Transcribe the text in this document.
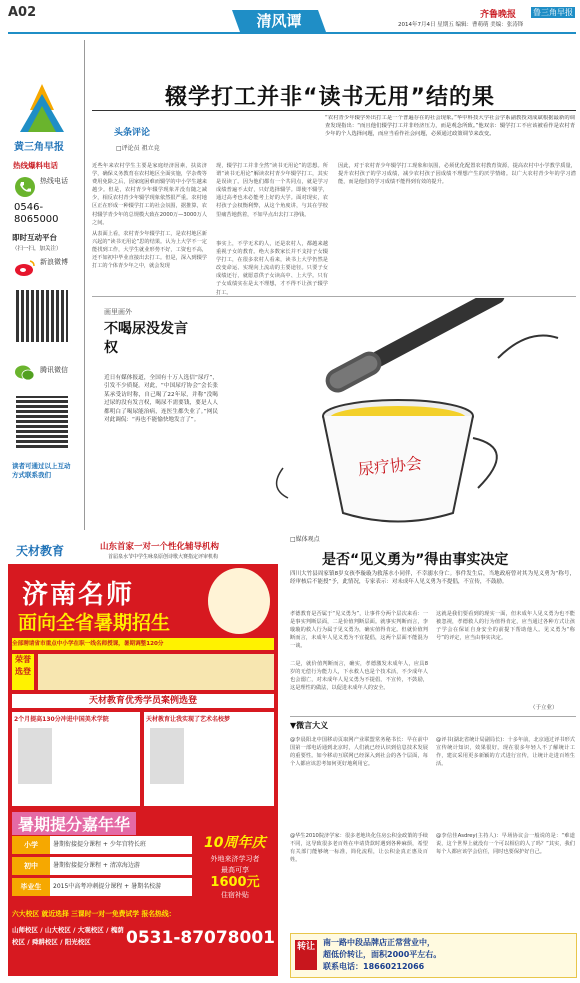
A02	清风谭	齐鲁晚报 鲁三角早报
2014年7月4日 星期五 编辑：曹萌萌 美编：张涛锋
黄三角早报
热线爆料电话
热线电话
0546-8065000
即时互动平台
（扫一扫，加关注）
新浪微博
腾讯微信
读者可通过以上互动方式联系我们
辍学打工并非“读书无用”结的果
头条评论
□评论员 祖立竞
“农村青少年辍学外出打工是一个普遍存在的社会现象。”华中科技大学社会学系副教授刘成斌根据最新的调查发现指出：“而且他们辍学打工并非经济压力，而是观念所致。”他双亲：辍学打工不应该被看作是农村青少年的个人选择问题，而应当看作社会问题，必须通过政策调节来改变。
近些年来农村学生主要是家庭经济因素，扶贫济学，确保义务教育在农村地区全面实施，学杂费等费用免除之后，因家庭困难而辍学的中小学生越来越少。但是，农村青少年辍学现象并没有随之减少，相反农村青少年辍学现象依然很严重。农村地区正在形成一种辍学打工的社会氛围，据推算，农村辍学青少年的总规模大致在2000万—3000万人之间。
从表面上看，农村青少年辍学打工，是农村地区新兴起的“读书无用论”思的结果。认为上大学不一定能找到工作，大学生就业形势不好，工资也不高，还不如初中毕业直接出去打工。但是，深入到辍学打工的个体青少年之中，就会发现
现，辍学打工并非全然“读书无用论”的思想。所谓“读书无用论”解读农村青少年辍学打工，其实是误读了。因为他们都有一个共同点，就是学习成绩普遍不太好，只好选择辍学。即使不辍学，通过高考也未必能考上好的大学。面对现实，农村孩子会权衡利弊，从这个角度讲，与其在学校里痛苦地熬着，不如早点出去打工挣钱。
事实上，不学无术的人，还是农村人，都越来越重视子女的教育。绝大多数家长并不支持子女辍学打工，在很多农村人看来，读书上大学仍然是改变命运、实现向上流动的主要途径。只要子女成绩还行，就愿意供子女读高中、上大学。只有子女成绩实在是太不理想，才不得不让孩子辍学打工。
因此，对于农村青少年辍学打工现象和氛围，必须优化配置农村教育资源，提高农村中小学教学质量，提升农村孩子的学习成绩，减少农村孩子因成绩不理想产生的厌学情绪。以广大农村青少年的学习潜能，而是他们的学习成绩不能得到有效的提升。
画里画外
不喝尿没发言权
近日有媒体报道，全国有十万人选信“尿疗”，引发不少质疑。对此，“中国尿疗协会”会长张某承受访时称，自己喝了22年尿，并称“没喝过尿的没有发言权，喝尿不需要钱，要是人人都明白了喝尿能治病，连医生都失业了。”网民对此调侃：“再也不能愉快地发言了”。
尿疗协会
天材教育	山东首家一对一个性化辅导机构
首届泉水节中学生咏泉原创诗歌大赛指定评审机构
济南名师
面向全省暑期招生
全部聘请省市重点中小学在职一线名师授课，暑期调整120分
荣誉选登
天材教育优秀学员案例选登
2个月提高130分冲进中国美术学院	天材教育让我实现了艺术名校梦
暑期提分嘉年华
小学	暑期衔接提分课程 + 少年宫特长班
初中	暑期衔接提分课程 + 清凉海边游
毕业生	2015中高考冲刺提分课程 + 暑期名校游
10周年庆
外地来济学习者
最高可享
1600元
住宿补贴
六大校区 就近选择 三课时一对一免费试学 报名热线：
山师校区 / 山大校区 / 大观校区 / 槐荫校区 / 舜耕校区 / 阳光校区	0531-87078001
□媒体观点
是否“见义勇为”得由事实决定
四川大竹县周家镇8岁女孩李璇璇为救落水小同伴，不幸溺水身亡。事件发生后，当地政府曾对其为见义勇为“称号，经审核后不能授”予，此情况，专家表示：对未成年人见义勇为不提倡，不宣传，不鼓励。
孝德教育是否属于“见义勇为”，让事件分两个层次来看：一是事实判断层面，二是价值判断层面。就事实判断而言，李璇璇的救人行为属于见义勇为，确实值得肯定。但就价值判断而言，未成年人见义勇为不宜提倡，这两个层面不能混为一谈。
二是，就价值判断而言，确实，孝德激发未成年人，应具8岁的无偿行为能力人，下水救人也是个技术活，不少成年人也会溺亡，对未成年人见义勇为不提倡，不宣传，不鼓励，这是理性的做法，以促进未成年人的安全。
这就是我们要看到的现实一面，但未成年人见义勇为也不能被忽视，孝德救人的行为值得肯定，应当通过各种方式让孩子学会在保证自身安全的前提下帮助他人。见义勇为“称号”的评定，应当由事实决定。
（于立业）
▼微言大义
@李晨阳北中国移动页取网产业联盟常务秘书长：早在前中国第一部电话通到北京时，人们就已经认识到信息技术发展的重要性。如今移动互联网已经深入到社会的各个层面，每个人都应该思考如何更好地利用它。
@华生2010院济学家：很多老地块化住房公积金政策的手续不同，这导致很多老百姓在申请贷款时遇到各种麻烦，希望有关部门能够统一标准，简化流程，让公积金真正惠及百姓。
@评书(湖北省统计局副局长)：十多年前，北京通过评书形式宣传统计知识，效果很好。现在很多年轻人不了解统计工作，建议采用更多新颖的方式进行宣传，让统计走进百姓生活。
@李信佳Asdrey(主持人)：早场协议会一般说的是：“难道说，这个世界上就没有一个可以相信的人了吗？”其实，我们每个人都应该学会信任，同时也要保护好自己。
转让 南一路中段品牌店正常营业中，
超低价转让，面积2000平左右。
联系电话：18660212066
